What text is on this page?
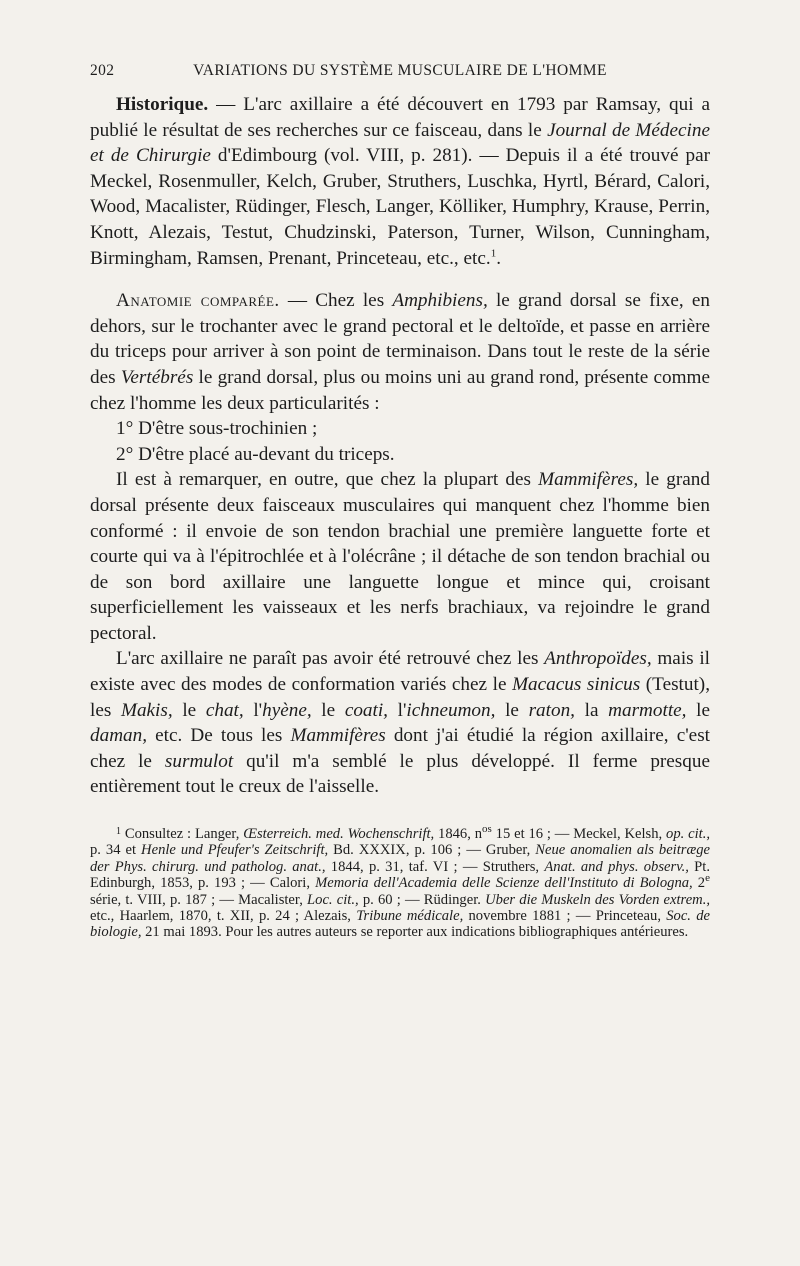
202	VARIATIONS DU SYSTÈME MUSCULAIRE DE L'HOMME

Historique. — L'arc axillaire a été découvert en 1793 par Ramsay, qui a publié le résultat de ses recherches sur ce faisceau, dans le Journal de Médecine et de Chirurgie d'Edimbourg (vol. VIII, p. 281). — Depuis il a été trouvé par Meckel, Rosenmuller, Kelch, Gruber, Struthers, Luschka, Hyrtl, Bérard, Calori, Wood, Macalister, Rüdinger, Flesch, Langer, Kölliker, Humphry, Krause, Perrin, Knott, Alezais, Testut, Chudzinski, Paterson, Turner, Wilson, Cunningham, Birmingham, Ramsen, Prenant, Princeteau, etc., etc.$^1$.

Anatomie comparée. — Chez les Amphibiens, le grand dorsal se fixe, en dehors, sur le trochanter avec le grand pectoral et le deltoïde, et passe en arrière du triceps pour arriver à son point de terminaison. Dans tout le reste de la série des Vertébrés le grand dorsal, plus ou moins uni au grand rond, présente comme chez l'homme les deux particularités :

1° D'être sous-trochinien ;

2° D'être placé au-devant du triceps.

Il est à remarquer, en outre, que chez la plupart des Mammifères, le grand dorsal présente deux faisceaux musculaires qui manquent chez l'homme bien conformé : il envoie de son tendon brachial une première languette forte et courte qui va à l'épitrochlée et à l'olécrâne ; il détache de son tendon brachial ou de son bord axillaire une languette longue et mince qui, croisant superficiellement les vaisseaux et les nerfs brachiaux, va rejoindre le grand pectoral.

L'arc axillaire ne paraît pas avoir été retrouvé chez les Anthropoïdes, mais il existe avec des modes de conformation variés chez le Macacus sinicus (Testut), les Makis, le chat, l'hyène, le coati, l'ichneumon, le raton, la marmotte, le daman, etc. De tous les Mammifères dont j'ai étudié la région axillaire, c'est chez le surmulot qu'il m'a semblé le plus développé. Il ferme presque entièrement tout le creux de l'aisselle.

$^1$ Consultez : Langer, Œsterreich. med. Wochenschrift, 1846, $n^{os}$ 15 et 16 ; — Meckel, Kelsh, op. cit., p. 34 et Henle und Pfeufer's Zeitschrift, Bd. XXXIX, p. 106 ; — Gruber, Neue anomalien als beitræge der Phys. chirurg. und patholog. anat., 1844, p. 31, taf. VI ; — Struthers, Anat. and phys. observ., Pt. Edinburgh, 1853, p. 193 ; — Calori, Memoria dell'Academia delle Scienze dell'Instituto di Bologna, 2e série, t. VIII, p. 187 ; — Macalister, Loc. cit., p. 60 ; — Rüdinger. Uber die Muskeln des Vorden extrem., etc., Haarlem, 1870, t. XII, p. 24 ; Alezais, Tribune médicale, novembre 1881 ; — Princeteau, Soc. de biologie, 21 mai 1893. Pour les autres auteurs se reporter aux indications bibliographiques antérieures.
